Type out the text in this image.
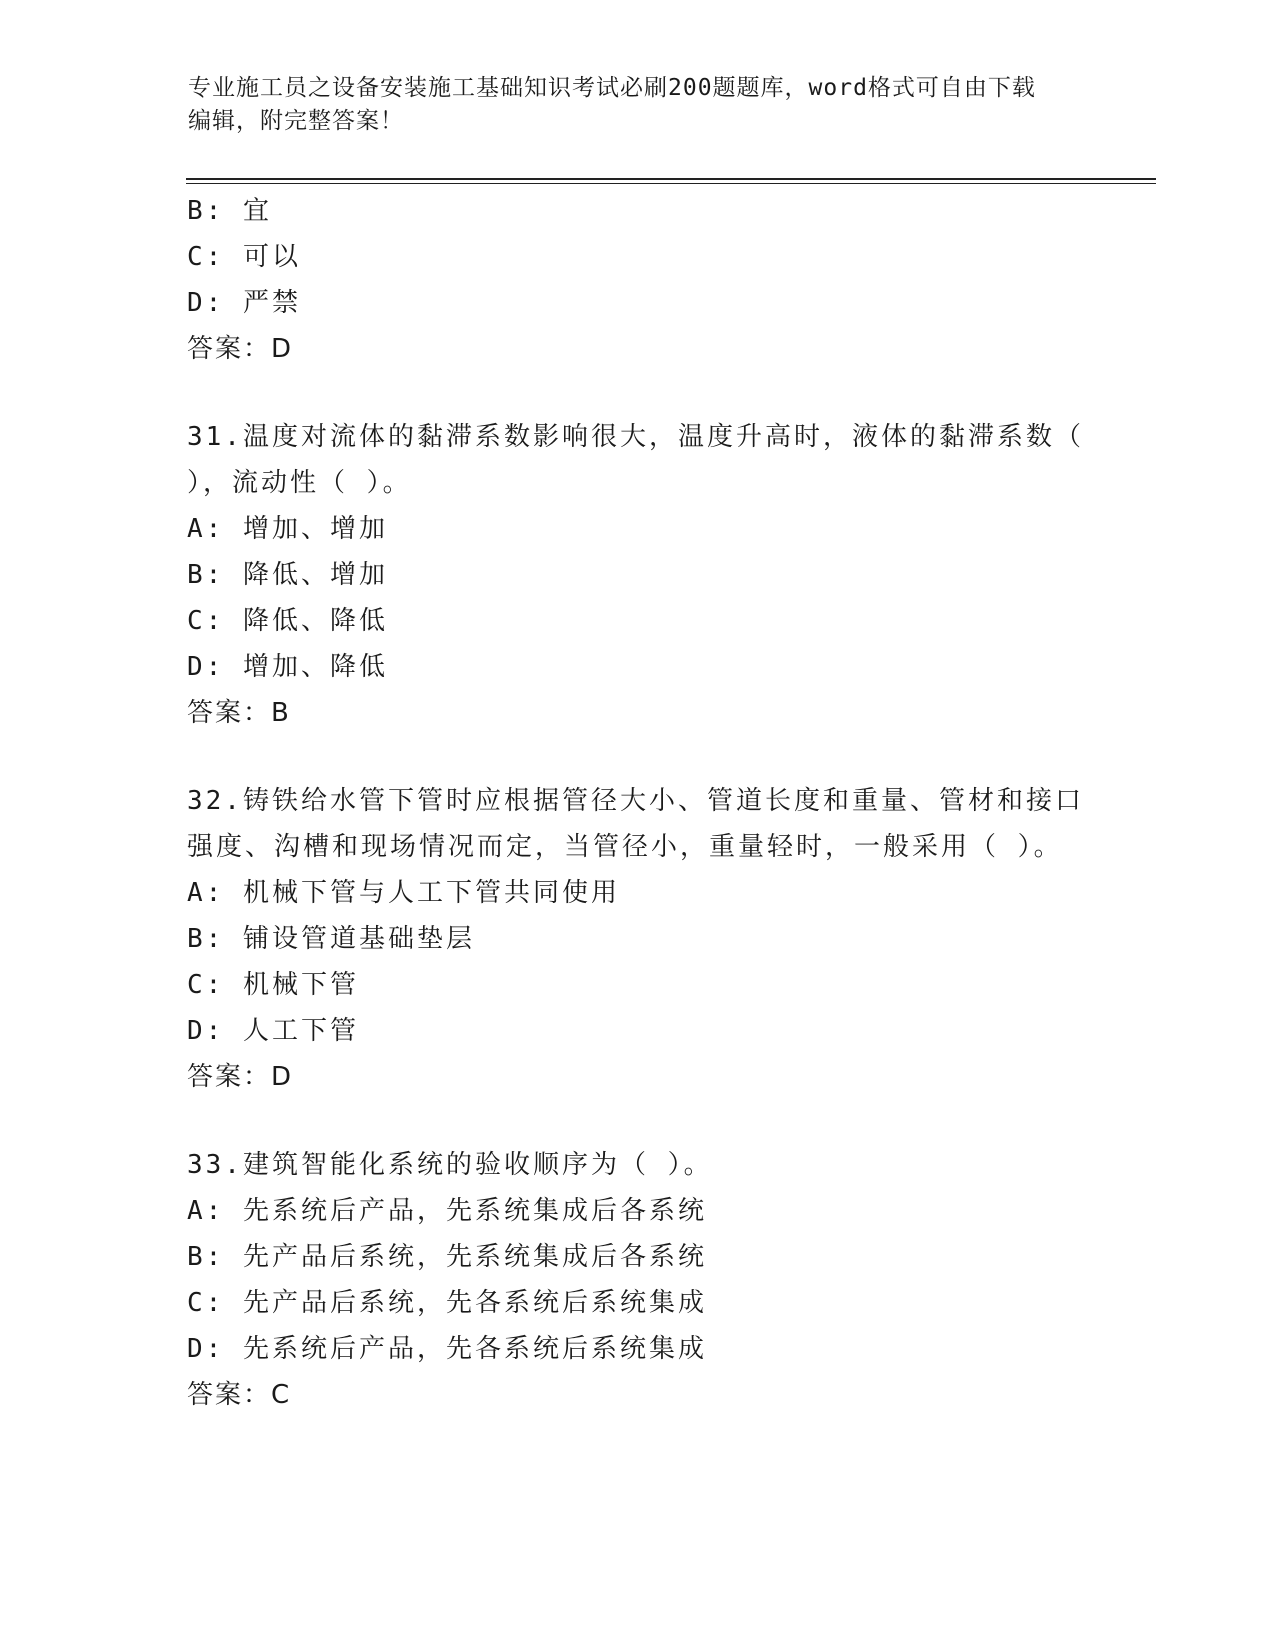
专业施工员之设备安装施工基础知识考试必刷200题题库，word格式可自由下载
编辑，附完整答案！
B: 宜
C: 可以
D: 严禁
答案：D
31.温度对流体的黏滞系数影响很大，温度升高时，液体的黏滞系数（
），流动性（ ）。
A: 增加、增加
B: 降低、增加
C: 降低、降低
D: 增加、降低
答案：B
32.铸铁给水管下管时应根据管径大小、管道长度和重量、管材和接口
强度、沟槽和现场情况而定，当管径小，重量轻时，一般采用（ ）。
A: 机械下管与人工下管共同使用
B: 铺设管道基础垫层
C: 机械下管
D: 人工下管
答案：D
33.建筑智能化系统的验收顺序为（ ）。
A: 先系统后产品，先系统集成后各系统
B: 先产品后系统，先系统集成后各系统
C: 先产品后系统，先各系统后系统集成
D: 先系统后产品，先各系统后系统集成
答案：C
